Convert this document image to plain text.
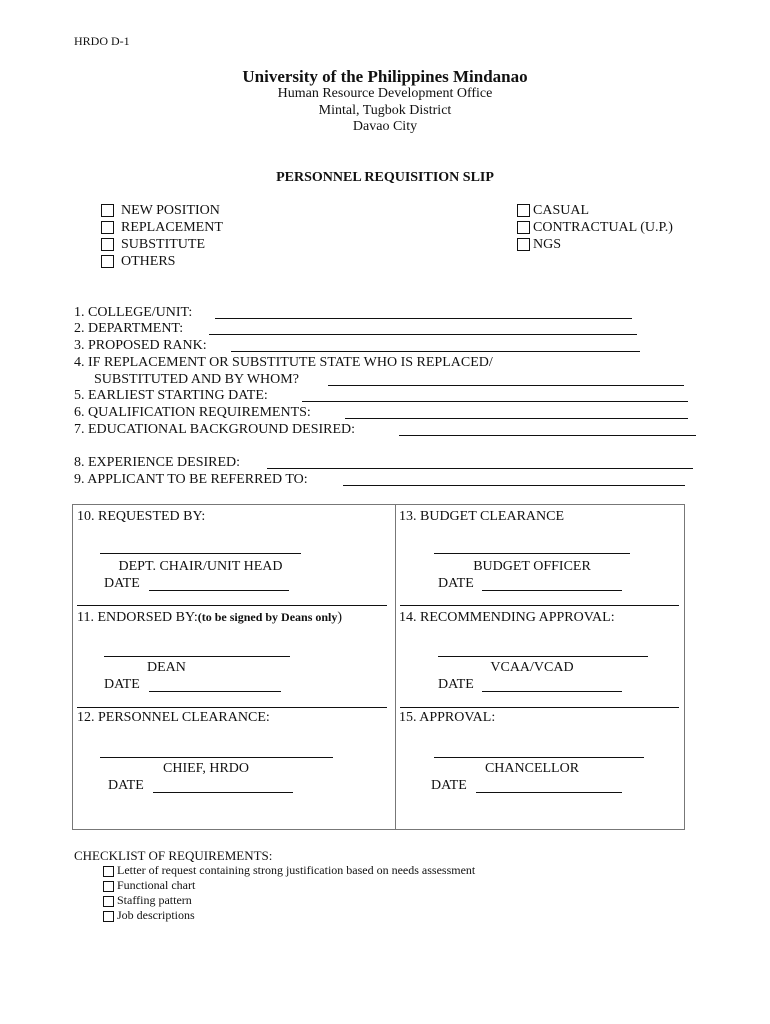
HRDO D-1
University of the Philippines Mindanao
Human Resource Development Office
Mintal, Tugbok District
Davao City
PERSONNEL REQUISITION SLIP
NEW POSITION
REPLACEMENT
SUBSTITUTE
OTHERS
CASUAL
CONTRACTUAL (U.P.)
NGS
1. COLLEGE/UNIT:
2. DEPARTMENT:
3. PROPOSED RANK:
4. IF REPLACEMENT OR SUBSTITUTE STATE WHO IS REPLACED/
SUBSTITUTED AND BY WHOM?
5. EARLIEST STARTING DATE:
6. QUALIFICATION REQUIREMENTS:
7. EDUCATIONAL BACKGROUND DESIRED:
8. EXPERIENCE DESIRED:
9. APPLICANT TO BE REFERRED TO:
10. REQUESTED BY:
DEPT. CHAIR/UNIT HEAD
DATE
13. BUDGET CLEARANCE
BUDGET OFFICER
DATE
11. ENDORSED BY:(to be signed by Deans only)
DEAN
DATE
14. RECOMMENDING APPROVAL:
VCAA/VCAD
DATE
12. PERSONNEL CLEARANCE:
CHIEF, HRDO
DATE
15. APPROVAL:
CHANCELLOR
DATE
CHECKLIST OF REQUIREMENTS:
Letter of request containing strong justification based on needs assessment
Functional chart
Staffing pattern
Job descriptions
